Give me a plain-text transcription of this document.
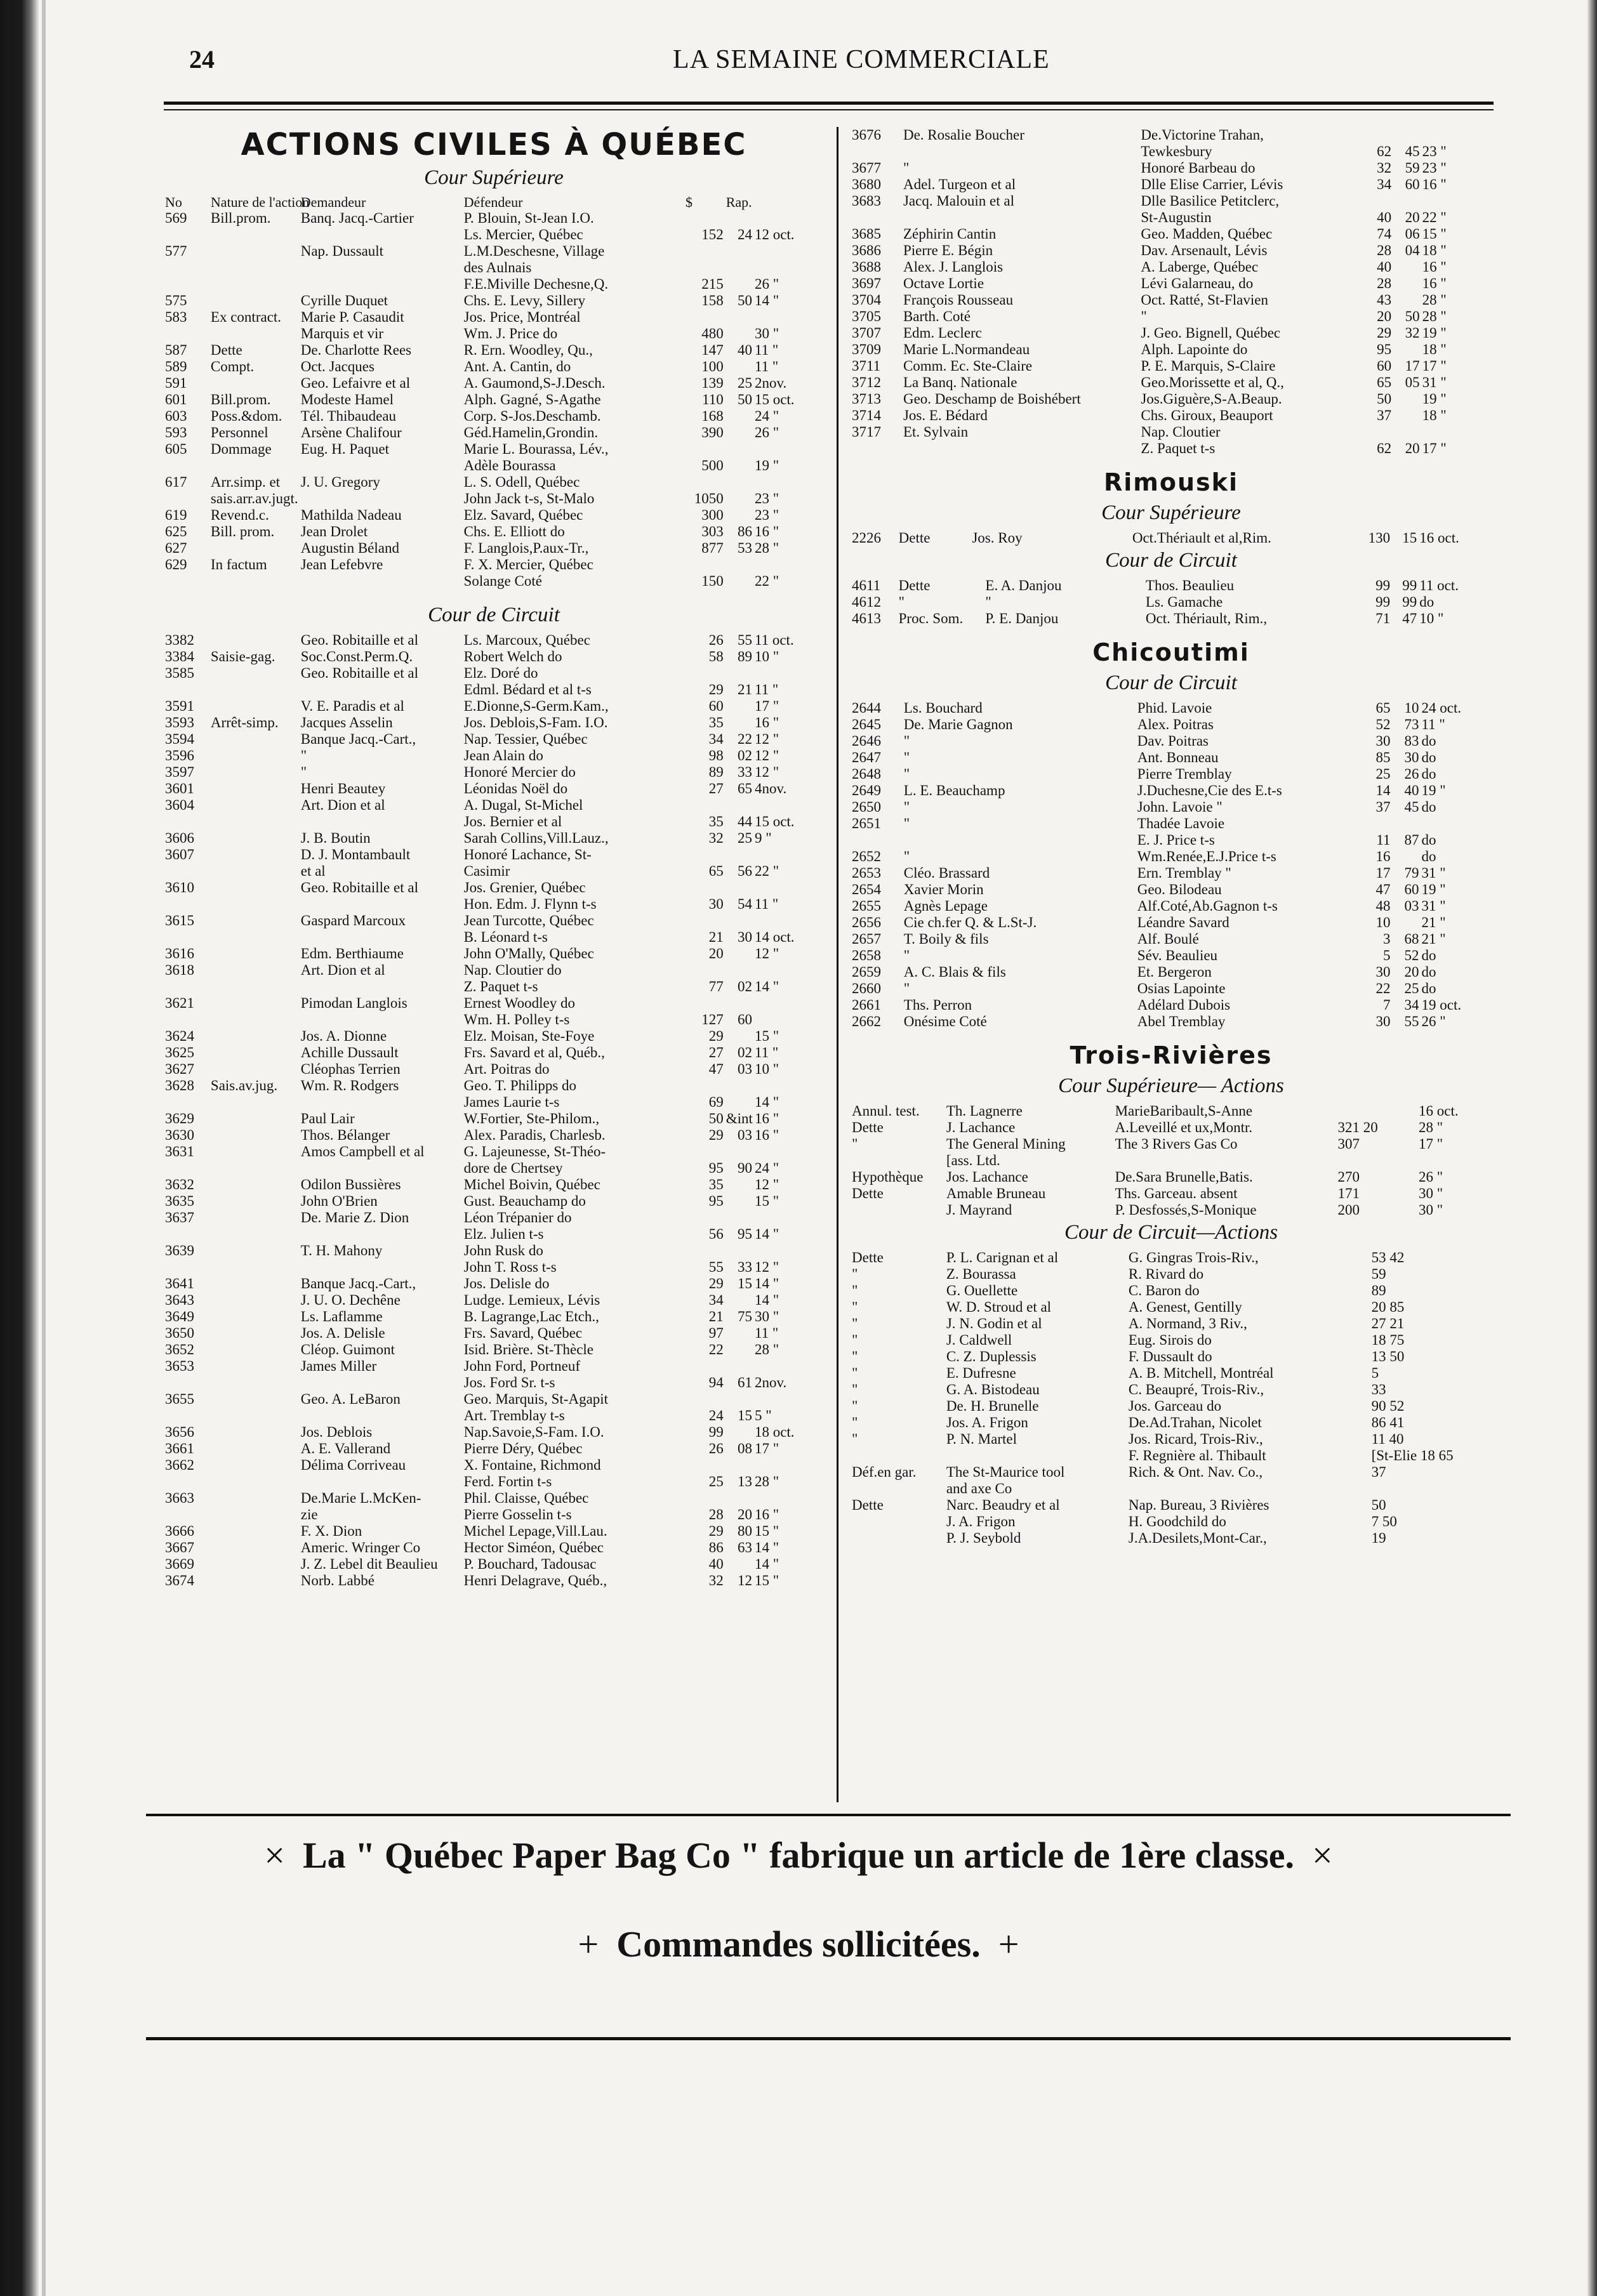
24	LA SEMAINE COMMERCIALE
ACTIONS CIVILES À QUÉBEC
Cour Supérieure
No	Nature de l'action	Demandeur	Défendeur	$	Rap.	
569	Bill.prom.	Banq. Jacq.-Cartier	P. Blouin, St-Jean I.O.			
			Ls. Mercier, Québec	152	24	12 oct.
577		Nap. Dussault	L.M.Deschesne, Village			
			des Aulnais			
			F.E.Miville Dechesne,Q.	215		26 "
575		Cyrille Duquet	Chs. E. Levy, Sillery	158	50	14 "
583	Ex contract.	Marie P. Casaudit	Jos. Price, Montréal			
		Marquis et vir	Wm. J. Price do	480		30 "
587	Dette	De. Charlotte Rees	R. Ern. Woodley, Qu.,	147	40	11 "
589	Compt.	Oct. Jacques	Ant. A. Cantin, do	100		11 "
591		Geo. Lefaivre et al	A. Gaumond,S-J.Desch.	139	25	2nov.
601	Bill.prom.	Modeste Hamel	Alph. Gagné, S-Agathe	110	50	15 oct.
603	Poss.&dom.	Tél. Thibaudeau	Corp. S-Jos.Deschamb.	168		24 "
593	Personnel	Arsène Chalifour	Géd.Hamelin,Grondin.	390		26 "
605	Dommage	Eug. H. Paquet	Marie L. Bourassa, Lév.,			
			Adèle Bourassa	500		19 "
617	Arr.simp. et	J. U. Gregory	L. S. Odell, Québec			
	sais.arr.av.jugt.		John Jack t-s, St-Malo	1050		23 "
619	Revend.c.	Mathilda Nadeau	Elz. Savard, Québec	300		23 "
625	Bill. prom.	Jean Drolet	Chs. E. Elliott do	303	86	16 "
627		Augustin Béland	F. Langlois,P.aux-Tr.,	877	53	28 "
629	In factum	Jean Lefebvre	F. X. Mercier, Québec			
			Solange Coté	150		22 "
Cour de Circuit
3382		Geo. Robitaille et al	Ls. Marcoux, Québec	26	55	11 oct.
3384	Saisie-gag.	Soc.Const.Perm.Q.	Robert Welch do	58	89	10 "
3585		Geo. Robitaille et al	Elz. Doré do			
			Edml. Bédard et al t-s	29	21	11 "
3591		V. E. Paradis et al	E.Dionne,S-Germ.Kam.,	60		17 "
3593	Arrêt-simp.	Jacques Asselin	Jos. Deblois,S-Fam. I.O.	35		16 "
3594		Banque Jacq.-Cart.,	Nap. Tessier, Québec	34	22	12 "
3596		"	Jean Alain do	98	02	12 "
3597		"	Honoré Mercier do	89	33	12 "
3601		Henri Beautey	Léonidas Noël do	27	65	4nov.
3604		Art. Dion et al	A. Dugal, St-Michel			
			Jos. Bernier et al	35	44	15 oct.
3606		J. B. Boutin	Sarah Collins,Vill.Lauz.,	32	25	9 "
3607		D. J. Montambault	Honoré Lachance, St-			
		et al	Casimir	65	56	22 "
3610		Geo. Robitaille et al	Jos. Grenier, Québec			
			Hon. Edm. J. Flynn t-s	30	54	11 "
3615		Gaspard Marcoux	Jean Turcotte, Québec			
			B. Léonard t-s	21	30	14 oct.
3616		Edm. Berthiaume	John O'Mally, Québec	20		12 "
3618		Art. Dion et al	Nap. Cloutier do			
			Z. Paquet t-s	77	02	14 "
3621		Pimodan Langlois	Ernest Woodley do			
			Wm. H. Polley t-s	127	60	
3624		Jos. A. Dionne	Elz. Moisan, Ste-Foye	29		15 "
3625		Achille Dussault	Frs. Savard et al, Québ.,	27	02	11 "
3627		Cléophas Terrien	Art. Poitras do	47	03	10 "
3628	Sais.av.jug.	Wm. R. Rodgers	Geo. T. Philipps do			
			James Laurie t-s	69		14 "
3629		Paul Lair	W.Fortier, Ste-Philom.,	50	&int	16 "
3630		Thos. Bélanger	Alex. Paradis, Charlesb.	29	03	16 "
3631		Amos Campbell et al	G. Lajeunesse, St-Théo-			
			dore de Chertsey	95	90	24 "
3632		Odilon Bussières	Michel Boivin, Québec	35		12 "
3635		John O'Brien	Gust. Beauchamp do	95		15 "
3637		De. Marie Z. Dion	Léon Trépanier do			
			Elz. Julien t-s	56	95	14 "
3639		T. H. Mahony	John Rusk do			
			John T. Ross t-s	55	33	12 "
3641		Banque Jacq.-Cart.,	Jos. Delisle do	29	15	14 "
3643		J. U. O. Dechêne	Ludge. Lemieux, Lévis	34		14 "
3649		Ls. Laflamme	B. Lagrange,Lac Etch.,	21	75	30 "
3650		Jos. A. Delisle	Frs. Savard, Québec	97		11 "
3652		Cléop. Guimont	Isid. Brière. St-Thècle	22		28 "
3653		James Miller	John Ford, Portneuf			
			Jos. Ford Sr. t-s	94	61	2nov.
3655		Geo. A. LeBaron	Geo. Marquis, St-Agapit			
			Art. Tremblay t-s	24	15	5 "
3656		Jos. Deblois	Nap.Savoie,S-Fam. I.O.	99		18 oct.
3661		A. E. Vallerand	Pierre Déry, Québec	26	08	17 "
3662		Délima Corriveau	X. Fontaine, Richmond			
			Ferd. Fortin t-s	25	13	28 "
3663		De.Marie L.McKen-	Phil. Claisse, Québec			
		zie	Pierre Gosselin t-s	28	20	16 "
3666		F. X. Dion	Michel Lepage,Vill.Lau.	29	80	15 "
3667		Americ. Wringer Co	Hector Siméon, Québec	86	63	14 "
3669		J. Z. Lebel dit Beaulieu	P. Bouchard, Tadousac	40		14 "
3674		Norb. Labbé	Henri Delagrave, Québ.,	32	12	15 "
3676	De. Rosalie Boucher	De.Victorine Trahan,			
		Tewkesbury	62	45	23 "
3677	"	Honoré Barbeau do	32	59	23 "
3680	Adel. Turgeon et al	Dlle Elise Carrier, Lévis	34	60	16 "
3683	Jacq. Malouin et al	Dlle Basilice Petitclerc,			
		St-Augustin	40	20	22 "
3685	Zéphirin Cantin	Geo. Madden, Québec	74	06	15 "
3686	Pierre E. Bégin	Dav. Arsenault, Lévis	28	04	18 "
3688	Alex. J. Langlois	A. Laberge, Québec	40		16 "
3697	Octave Lortie	Lévi Galarneau, do	28		16 "
3704	François Rousseau	Oct. Ratté, St-Flavien	43		28 "
3705	Barth. Coté	"	20	50	28 "
3707	Edm. Leclerc	J. Geo. Bignell, Québec	29	32	19 "
3709	Marie L.Normandeau	Alph. Lapointe do	95		18 "
3711	Comm. Ec. Ste-Claire	P. E. Marquis, S-Claire	60	17	17 "
3712	La Banq. Nationale	Geo.Morissette et al, Q.,	65	05	31 "
3713	Geo. Deschamp de Boishébert	Jos.Giguère,S-A.Beaup.	50		19 "
3714	Jos. E. Bédard	Chs. Giroux, Beauport	37		18 "
3717	Et. Sylvain	Nap. Cloutier			
		Z. Paquet t-s	62	20	17 "
Rimouski
Cour Supérieure
2226	Dette	Jos. Roy	Oct.Thériault et al,Rim.	130	15	16 oct.
Cour de Circuit
4611	Dette	E. A. Danjou	Thos. Beaulieu	99	99	11 oct.
4612	"	"	Ls. Gamache	99	99	do
4613	Proc. Som.	P. E. Danjou	Oct. Thériault, Rim.,	71	47	10 "
Chicoutimi
Cour de Circuit
2644	Ls. Bouchard	Phid. Lavoie	65	10	24 oct.
2645	De. Marie Gagnon	Alex. Poitras	52	73	11 "
2646	"	Dav. Poitras	30	83	do
2647	"	Ant. Bonneau	85	30	do
2648	"	Pierre Tremblay	25	26	do
2649	L. E. Beauchamp	J.Duchesne,Cie des E.t-s	14	40	19 "
2650	"	John. Lavoie "	37	45	do
2651	"	Thadée Lavoie			
		E. J. Price t-s	11	87	do
2652	"	Wm.Renée,E.J.Price t-s	16		do
2653	Cléo. Brassard	Ern. Tremblay "	17	79	31 "
2654	Xavier Morin	Geo. Bilodeau	47	60	19 "
2655	Agnès Lepage	Alf.Coté,Ab.Gagnon t-s	48	03	31 "
2656	Cie ch.fer Q. & L.St-J.	Léandre Savard	10		21 "
2657	T. Boily & fils	Alf. Boulé	3	68	21 "
2658	"	Sév. Beaulieu	5	52	do
2659	A. C. Blais & fils	Et. Bergeron	30	20	do
2660	"	Osias Lapointe	22	25	do
2661	Ths. Perron	Adélard Dubois	7	34	19 oct.
2662	Onésime Coté	Abel Tremblay	30	55	26 "
Trois-Rivières
Cour Supérieure— Actions
Annul. test.	Th. Lagnerre	MarieBaribault,S-Anne		16 oct.
Dette	J. Lachance	A.Leveillé et ux,Montr.	321 20	28 "
"	The General Mining	The 3 Rivers Gas Co	307	17 "
	[ass. Ltd.			
Hypothèque	Jos. Lachance	De.Sara Brunelle,Batis.	270	26 "
Dette	Amable Bruneau	Ths. Garceau. absent	171	30 "
	J. Mayrand	P. Desfossés,S-Monique	200	30 "
Cour de Circuit—Actions
Dette	P. L. Carignan et al	G. Gingras Trois-Riv.,	53 42
"	Z. Bourassa	R. Rivard do	59
"	G. Ouellette	C. Baron do	89
"	W. D. Stroud et al	A. Genest, Gentilly	20 85
"	J. N. Godin et al	A. Normand, 3 Riv.,	27 21
"	J. Caldwell	Eug. Sirois do	18 75
"	C. Z. Duplessis	F. Dussault do	13 50
"	E. Dufresne	A. B. Mitchell, Montréal	5
"	G. A. Bistodeau	C. Beaupré, Trois-Riv.,	33
"	De. H. Brunelle	Jos. Garceau do	90 52
"	Jos. A. Frigon	De.Ad.Trahan, Nicolet	86 41
"	P. N. Martel	Jos. Ricard, Trois-Riv.,	11 40
		F. Regnière al. Thibault	[St-Elie 18 65
Déf.en gar.	The St-Maurice tool	Rich. & Ont. Nav. Co.,	37
	and axe Co		
Dette	Narc. Beaudry et al	Nap. Bureau, 3 Rivières	50
	J. A. Frigon	H. Goodchild do	7 50
	P. J. Seybold	J.A.Desilets,Mont-Car.,	19
× La " Québec Paper Bag Co " fabrique un article de 1ère classe. ×
+ Commandes sollicitées. +
